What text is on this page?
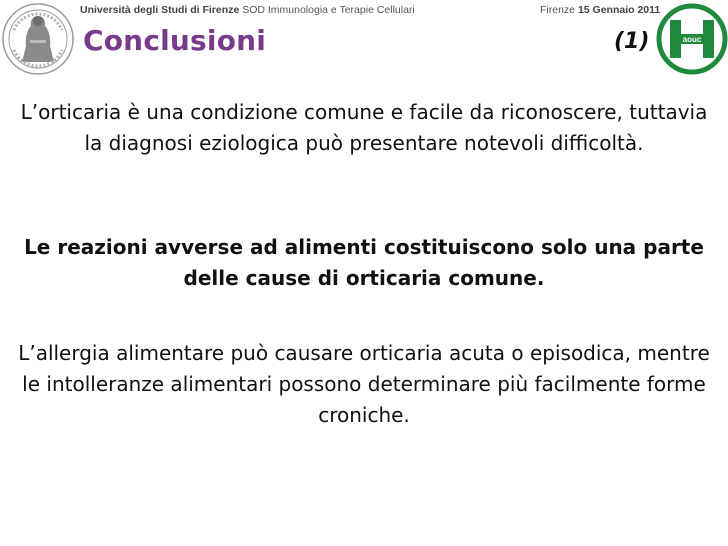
Università degli Studi di Firenze SOD Immunologia e Terapie Cellulari	Firenze 15 Gennaio 2011
aouc
Conclusioni	(1)
L’orticaria è una condizione comune e facile da riconoscere, tuttavia la diagnosi eziologica può presentare notevoli difficoltà.
Le reazioni avverse ad alimenti costituiscono solo una parte delle cause di orticaria comune.
L’allergia alimentare può causare orticaria acuta o episodica, mentre le intolleranze alimentari possono determinare più facilmente forme croniche.
